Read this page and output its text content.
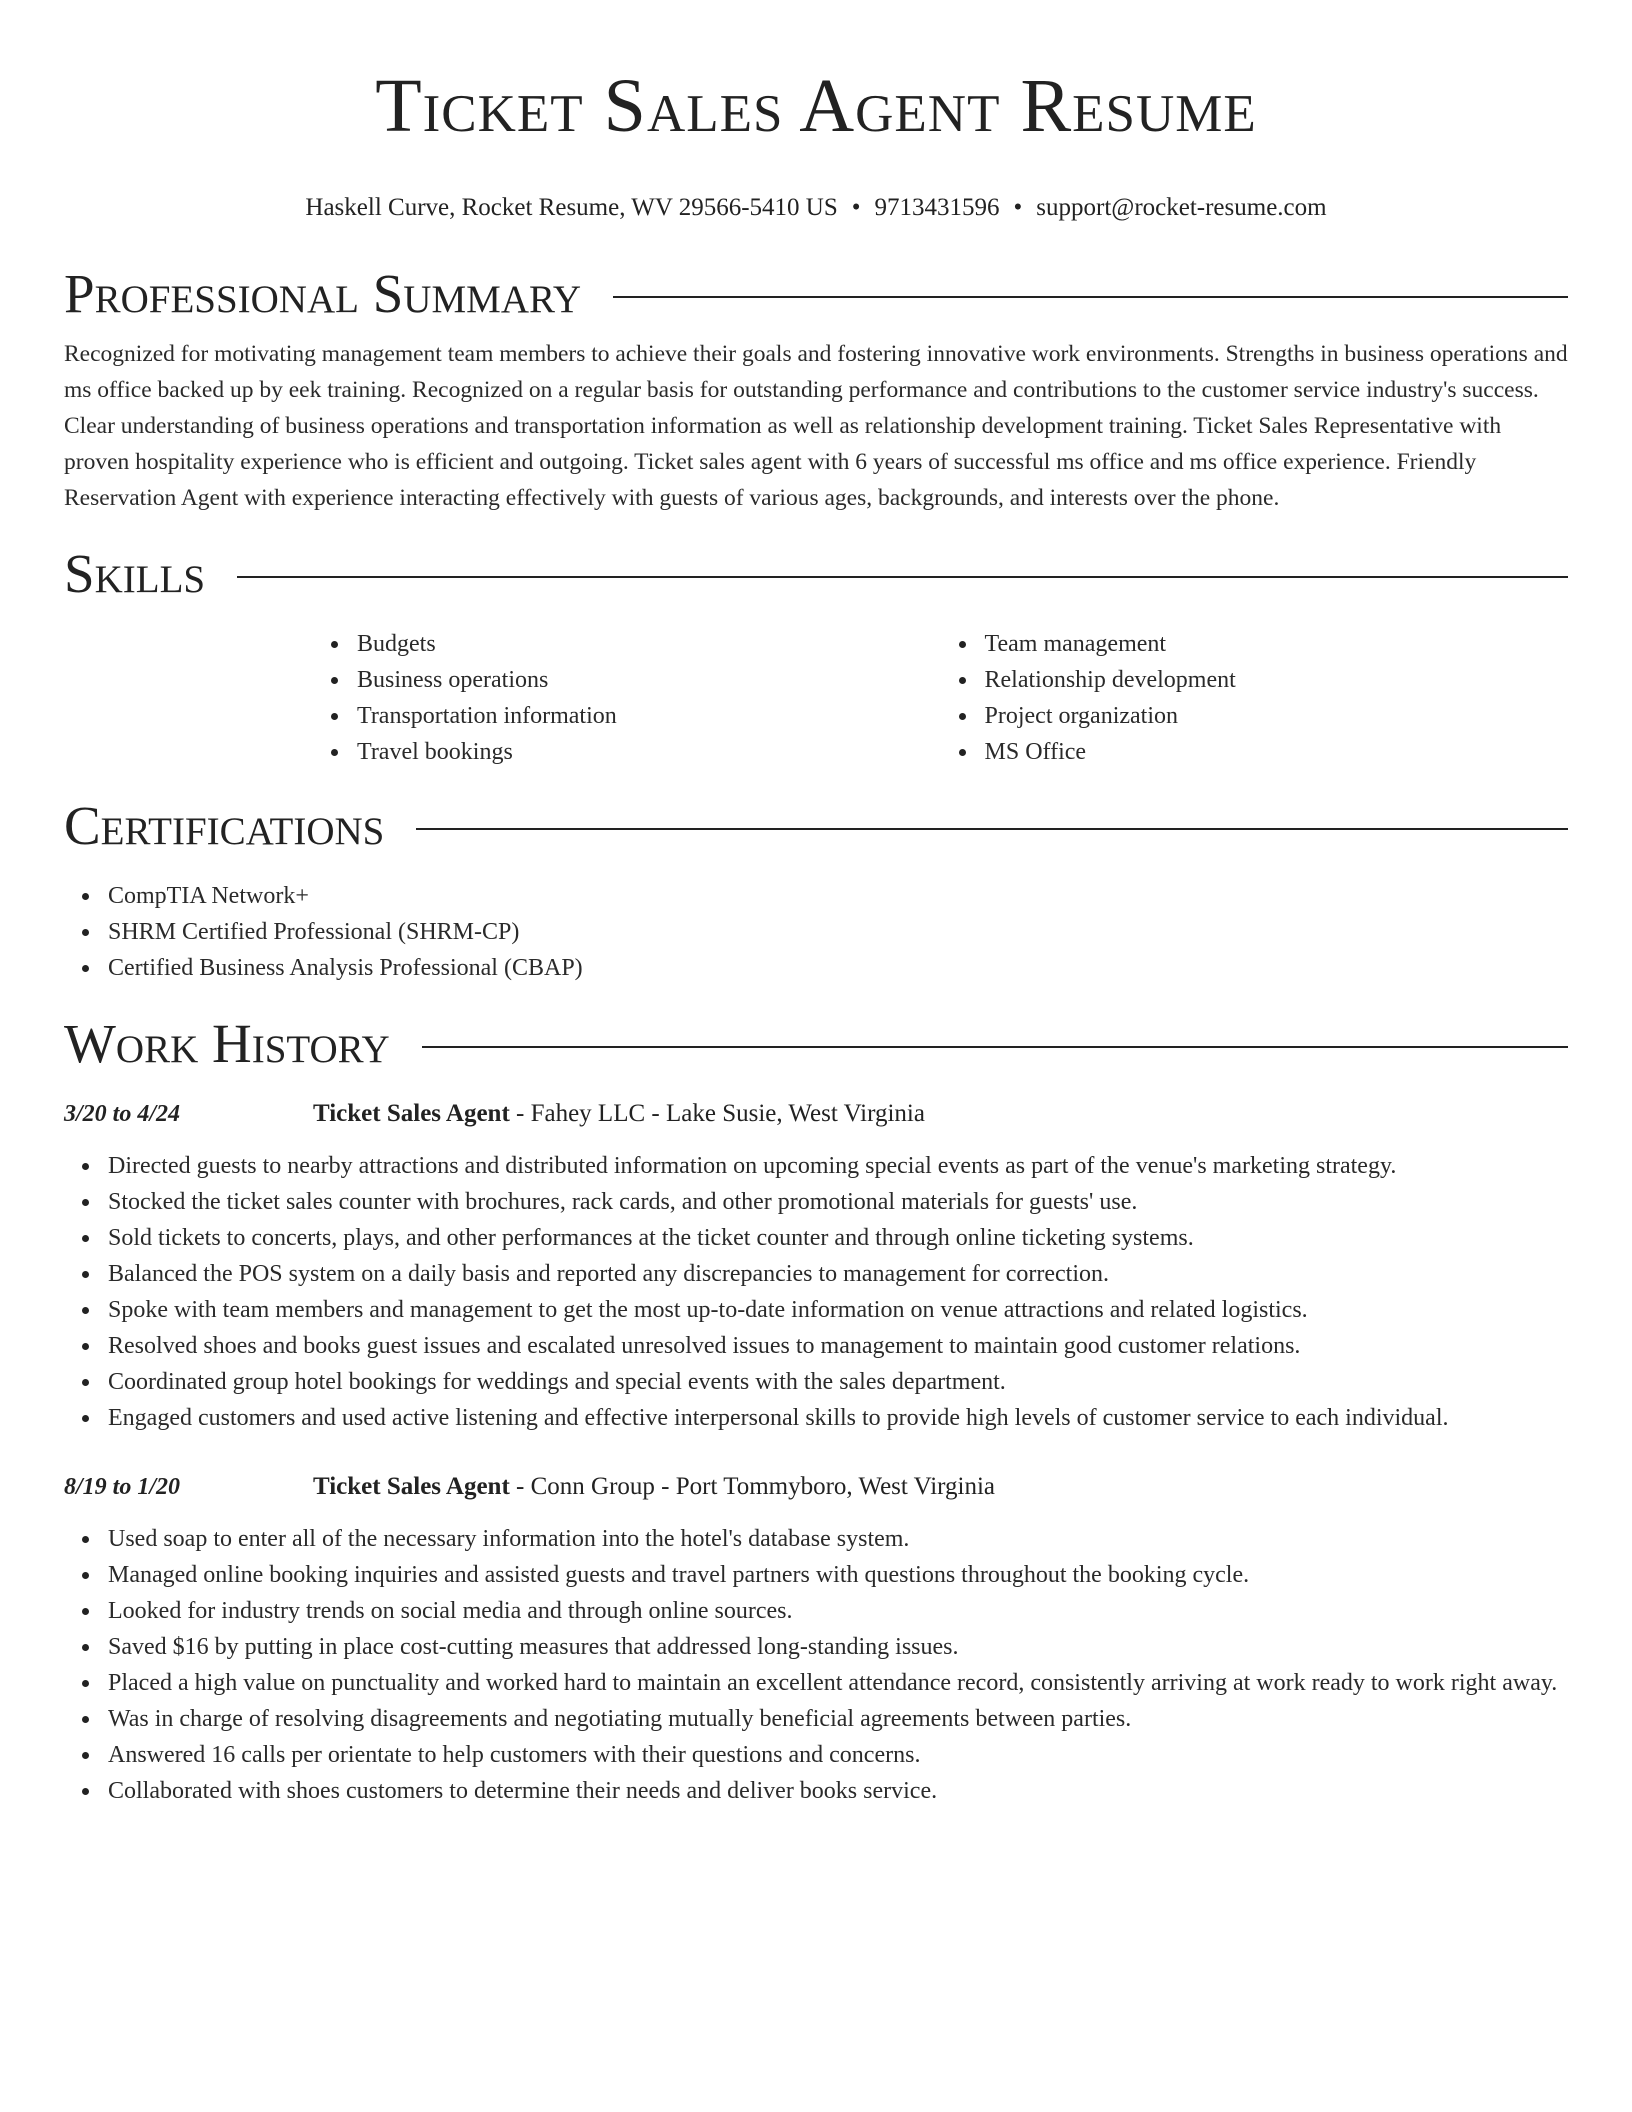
Ticket Sales Agent Resume
Haskell Curve, Rocket Resume, WV 29566-5410 US • 9713431596 • support@rocket-resume.com
Professional Summary

Recognized for motivating management team members to achieve their goals and fostering innovative work environments. Strengths in business operations and ms office backed up by eek training. Recognized on a regular basis for outstanding performance and contributions to the customer service industry's success. Clear understanding of business operations and transportation information as well as relationship development training. Ticket Sales Representative with proven hospitality experience who is efficient and outgoing. Ticket sales agent with 6 years of successful ms office and ms office experience. Friendly Reservation Agent with experience interacting effectively with guests of various ages, backgrounds, and interests over the phone.

Skills
Budgets
Business operations
Transportation information
Travel bookings
Team management
Relationship development
Project organization
MS Office
Certifications
CompTIA Network+
SHRM Certified Professional (SHRM-CP)
Certified Business Analysis Professional (CBAP)
Work History
3/20 to 4/24	Ticket Sales Agent - Fahey LLC - Lake Susie, West Virginia
Directed guests to nearby attractions and distributed information on upcoming special events as part of the venue's marketing strategy.
Stocked the ticket sales counter with brochures, rack cards, and other promotional materials for guests' use.
Sold tickets to concerts, plays, and other performances at the ticket counter and through online ticketing systems.
Balanced the POS system on a daily basis and reported any discrepancies to management for correction.
Spoke with team members and management to get the most up-to-date information on venue attractions and related logistics.
Resolved shoes and books guest issues and escalated unresolved issues to management to maintain good customer relations.
Coordinated group hotel bookings for weddings and special events with the sales department.
Engaged customers and used active listening and effective interpersonal skills to provide high levels of customer service to each individual.
8/19 to 1/20	Ticket Sales Agent - Conn Group - Port Tommyboro, West Virginia
Used soap to enter all of the necessary information into the hotel's database system.
Managed online booking inquiries and assisted guests and travel partners with questions throughout the booking cycle.
Looked for industry trends on social media and through online sources.
Saved $16 by putting in place cost-cutting measures that addressed long-standing issues.
Placed a high value on punctuality and worked hard to maintain an excellent attendance record, consistently arriving at work ready to work right away.
Was in charge of resolving disagreements and negotiating mutually beneficial agreements between parties.
Answered 16 calls per orientate to help customers with their questions and concerns.
Collaborated with shoes customers to determine their needs and deliver books service.
